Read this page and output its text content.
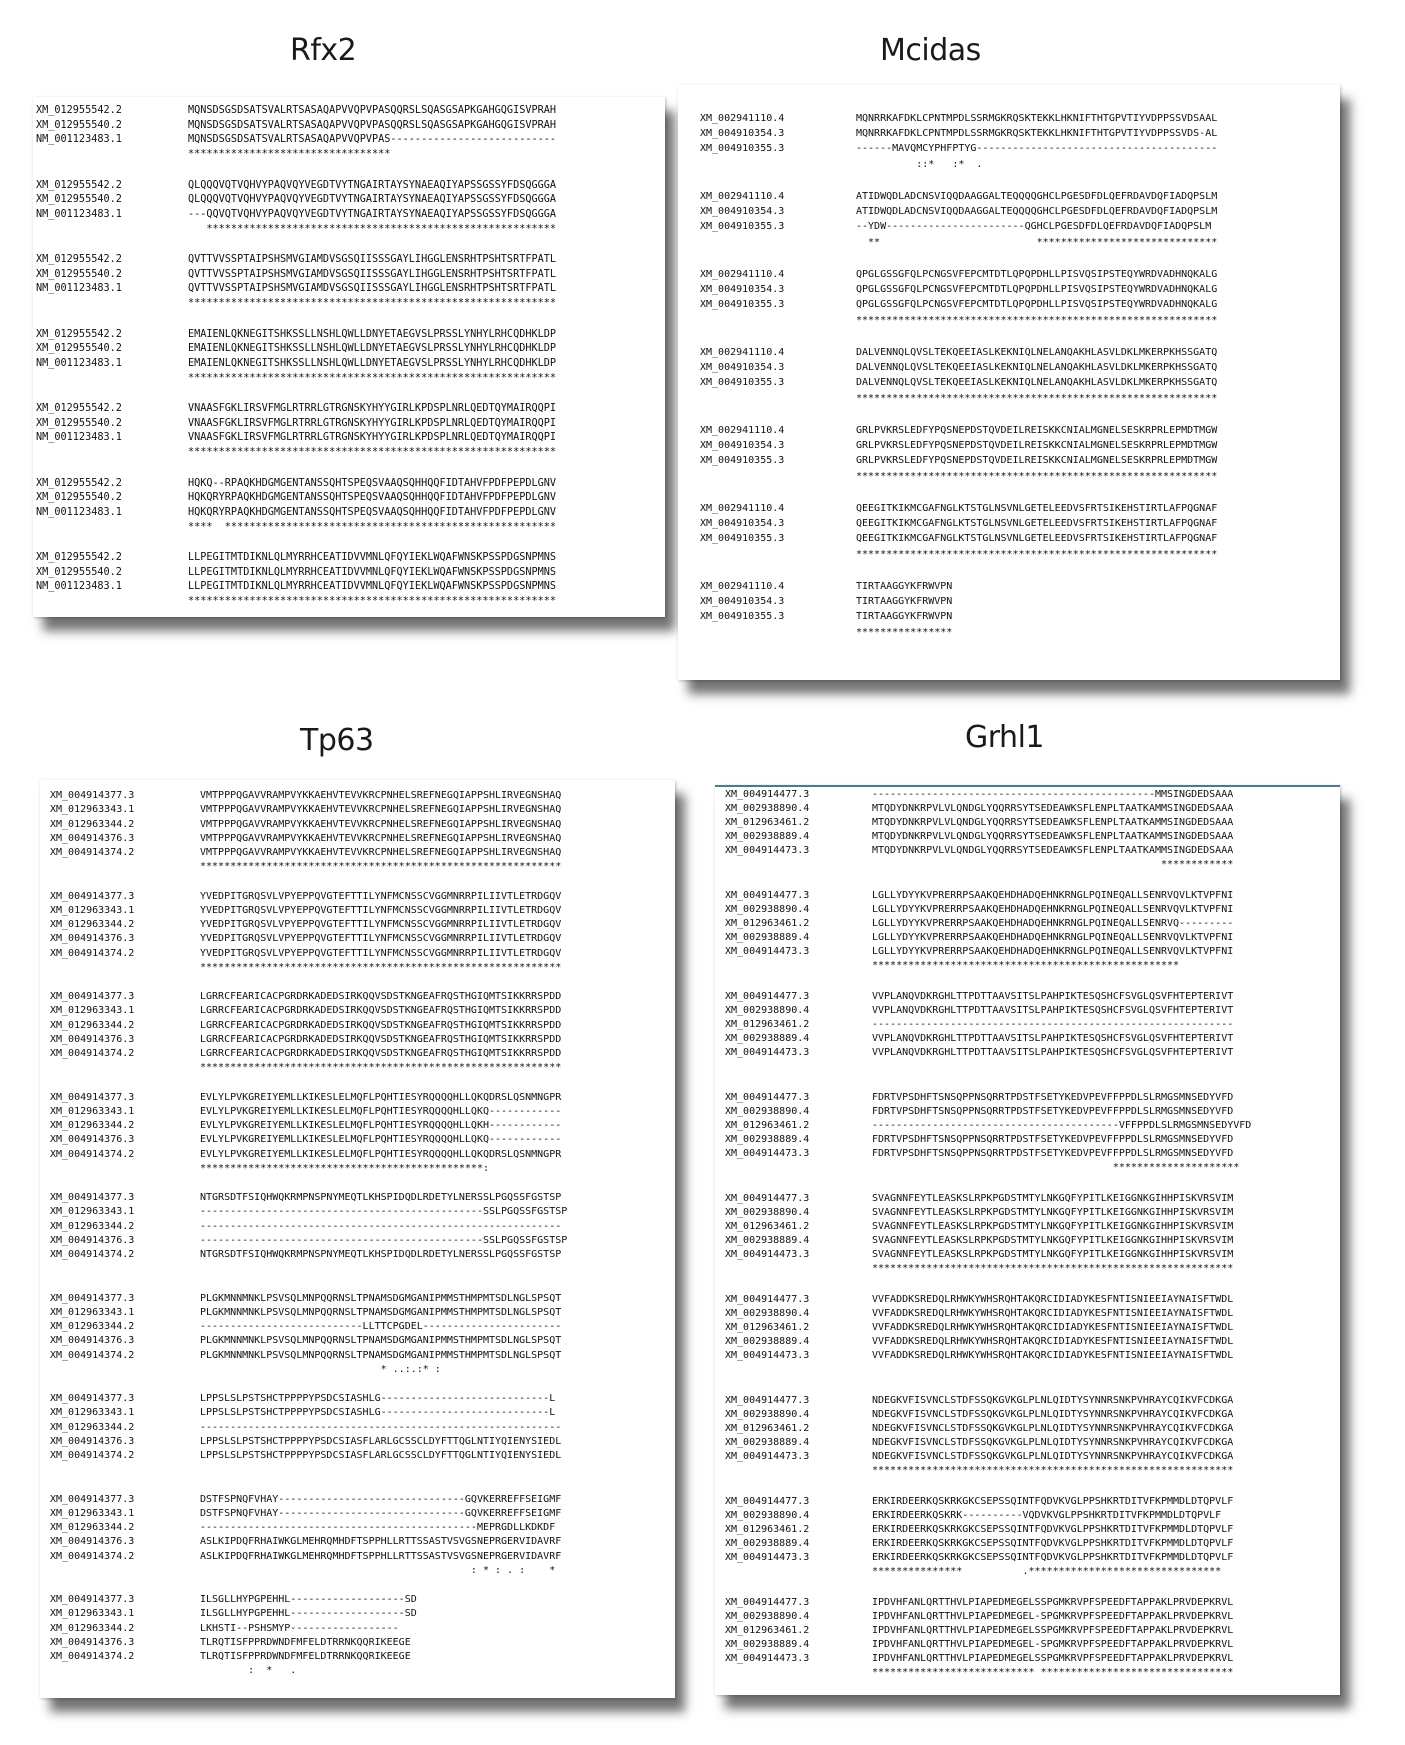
Rfx2	Mcidas
Tp63	Grhl1
XM_012955542.2	MQNSDSGSDSATSVALRTSASAQAPVVQPVPASQQRSLSQASGSAPKGAHGQGISVPRAH
XM_012955540.2	MQNSDSGSDSATSVALRTSASAQAPVVQPVPASQQRSLSQASGSAPKGAHGQGISVPRAH
NM_001123483.1	MQNSDSGSDSATSVALRTSASAQAPVVQPVPAS---------------------------
*********************************
XM_012955542.2	QLQQQVQTVQHVYPAQVQYVEGDTVYTNGAIRTAYSYNAEAQIYAPSSGSSYFDSQGGGA
XM_012955540.2	QLQQQVQTVQHVYPAQVQYVEGDTVYTNGAIRTAYSYNAEAQIYAPSSGSSYFDSQGGGA
NM_001123483.1	---QQVQTVQHVYPAQVQYVEGDTVYTNGAIRTAYSYNAEAQIYAPSSGSSYFDSQGGGA
*********************************************************
XM_012955542.2	QVTTVVSSPTAIPSHSMVGIAMDVSGSQIISSSGAYLIHGGLENSRHTPSHTSRTFPATL
XM_012955540.2	QVTTVVSSPTAIPSHSMVGIAMDVSGSQIISSSGAYLIHGGLENSRHTPSHTSRTFPATL
NM_001123483.1	QVTTVVSSPTAIPSHSMVGIAMDVSGSQIISSSGAYLIHGGLENSRHTPSHTSRTFPATL
************************************************************
XM_012955542.2	EMAIENLQKNEGITSHKSSLLNSHLQWLLDNYETAEGVSLPRSSLYNHYLRHCQDHKLDP
XM_012955540.2	EMAIENLQKNEGITSHKSSLLNSHLQWLLDNYETAEGVSLPRSSLYNHYLRHCQDHKLDP
NM_001123483.1	EMAIENLQKNEGITSHKSSLLNSHLQWLLDNYETAEGVSLPRSSLYNHYLRHCQDHKLDP
************************************************************
XM_012955542.2	VNAASFGKLIRSVFMGLRTRRLGTRGNSKYHYYGIRLKPDSPLNRLQEDTQYMAIRQQPI
XM_012955540.2	VNAASFGKLIRSVFMGLRTRRLGTRGNSKYHYYGIRLKPDSPLNRLQEDTQYMAIRQQPI
NM_001123483.1	VNAASFGKLIRSVFMGLRTRRLGTRGNSKYHYYGIRLKPDSPLNRLQEDTQYMAIRQQPI
************************************************************
XM_012955542.2	HQKQ--RPAQKHDGMGENTANSSQHTSPEQSVAAQSQHHQQFIDTAHVFPDFPEPDLGNV
XM_012955540.2	HQKQRYRPAQKHDGMGENTANSSQHTSPEQSVAAQSQHHQQFIDTAHVFPDFPEPDLGNV
NM_001123483.1	HQKQRYRPAQKHDGMGENTANSSQHTSPEQSVAAQSQHHQQFIDTAHVFPDFPEPDLGNV
****  ******************************************************
XM_012955542.2	LLPEGITMTDIKNLQLMYRRHCEATIDVVMNLQFQYIEKLWQAFWNSKPSSPDGSNPMNS
XM_012955540.2	LLPEGITMTDIKNLQLMYRRHCEATIDVVMNLQFQYIEKLWQAFWNSKPSSPDGSNPMNS
NM_001123483.1	LLPEGITMTDIKNLQLMYRRHCEATIDVVMNLQFQYIEKLWQAFWNSKPSSPDGSNPMNS
************************************************************
XM_002941110.4	MQNRRKAFDKLCPNTMPDLSSRMGKRQSKTEKKLHKNIFTHTGPVTIYVDPPSSVDSAAL
XM_004910354.3	MQNRRKAFDKLCPNTMPDLSSRMGKRQSKTEKKLHKNIFTHTGPVTIYVDPPSSVDS-AL
XM_004910355.3	------MAVQMCYPHFPTYG----------------------------------------
::*   :*  .
XM_002941110.4	ATIDWQDLADCNSVIQQDAAGGALTEQQQQGHCLPGESDFDLQEFRDAVDQFIADQPSLM
XM_004910354.3	ATIDWQDLADCNSVIQQDAAGGALTEQQQQGHCLPGESDFDLQEFRDAVDQFIADQPSLM
XM_004910355.3	--YDW-----------------------QGHCLPGESDFDLQEFRDAVDQFIADQPSLM
**                          ******************************
XM_002941110.4	QPGLGSSGFQLPCNGSVFEPCMTDTLQPQPDHLLPISVQSIPSTEQYWRDVADHNQKALG
XM_004910354.3	QPGLGSSGFQLPCNGSVFEPCMTDTLQPQPDHLLPISVQSIPSTEQYWRDVADHNQKALG
XM_004910355.3	QPGLGSSGFQLPCNGSVFEPCMTDTLQPQPDHLLPISVQSIPSTEQYWRDVADHNQKALG
************************************************************
XM_002941110.4	DALVENNQLQVSLTEKQEEIASLKEKNIQLNELANQAKHLASVLDKLMKERPKHSSGATQ
XM_004910354.3	DALVENNQLQVSLTEKQEEIASLKEKNIQLNELANQAKHLASVLDKLMKERPKHSSGATQ
XM_004910355.3	DALVENNQLQVSLTEKQEEIASLKEKNIQLNELANQAKHLASVLDKLMKERPKHSSGATQ
************************************************************
XM_002941110.4	GRLPVKRSLEDFYPQSNEPDSTQVDEILREISKKCNIALMGNELSESKRPRLEPMDTMGW
XM_004910354.3	GRLPVKRSLEDFYPQSNEPDSTQVDEILREISKKCNIALMGNELSESKRPRLEPMDTMGW
XM_004910355.3	GRLPVKRSLEDFYPQSNEPDSTQVDEILREISKKCNIALMGNELSESKRPRLEPMDTMGW
************************************************************
XM_002941110.4	QEEGITKIKMCGAFNGLKTSTGLNSVNLGETELEEDVSFRTSIKEHSTIRTLAFPQGNAF
XM_004910354.3	QEEGITKIKMCGAFNGLKTSTGLNSVNLGETELEEDVSFRTSIKEHSTIRTLAFPQGNAF
XM_004910355.3	QEEGITKIKMCGAFNGLKTSTGLNSVNLGETELEEDVSFRTSIKEHSTIRTLAFPQGNAF
************************************************************
XM_002941110.4	TIRTAAGGYKFRWVPN
XM_004910354.3	TIRTAAGGYKFRWVPN
XM_004910355.3	TIRTAAGGYKFRWVPN
****************
XM_004914377.3	VMTPPPQGAVVRAMPVYKKAEHVTEVVKRCPNHELSREFNEGQIAPPSHLIRVEGNSHAQ
XM_012963343.1	VMTPPPQGAVVRAMPVYKKAEHVTEVVKRCPNHELSREFNEGQIAPPSHLIRVEGNSHAQ
XM_012963344.2	VMTPPPQGAVVRAMPVYKKAEHVTEVVKRCPNHELSREFNEGQIAPPSHLIRVEGNSHAQ
XM_004914376.3	VMTPPPQGAVVRAMPVYKKAEHVTEVVKRCPNHELSREFNEGQIAPPSHLIRVEGNSHAQ
XM_004914374.2	VMTPPPQGAVVRAMPVYKKAEHVTEVVKRCPNHELSREFNEGQIAPPSHLIRVEGNSHAQ
************************************************************
XM_004914377.3	YVEDPITGRQSVLVPYEPPQVGTEFTTILYNFMCNSSCVGGMNRRPILIIVTLETRDGQV
XM_012963343.1	YVEDPITGRQSVLVPYEPPQVGTEFTTILYNFMCNSSCVGGMNRRPILIIVTLETRDGQV
XM_012963344.2	YVEDPITGRQSVLVPYEPPQVGTEFTTILYNFMCNSSCVGGMNRRPILIIVTLETRDGQV
XM_004914376.3	YVEDPITGRQSVLVPYEPPQVGTEFTTILYNFMCNSSCVGGMNRRPILIIVTLETRDGQV
XM_004914374.2	YVEDPITGRQSVLVPYEPPQVGTEFTTILYNFMCNSSCVGGMNRRPILIIVTLETRDGQV
************************************************************
XM_004914377.3	LGRRCFEARICACPGRDRKADEDSIRKQQVSDSTKNGEAFRQSTHGIQMTSIKKRRSPDD
XM_012963343.1	LGRRCFEARICACPGRDRKADEDSIRKQQVSDSTKNGEAFRQSTHGIQMTSIKKRRSPDD
XM_012963344.2	LGRRCFEARICACPGRDRKADEDSIRKQQVSDSTKNGEAFRQSTHGIQMTSIKKRRSPDD
XM_004914376.3	LGRRCFEARICACPGRDRKADEDSIRKQQVSDSTKNGEAFRQSTHGIQMTSIKKRRSPDD
XM_004914374.2	LGRRCFEARICACPGRDRKADEDSIRKQQVSDSTKNGEAFRQSTHGIQMTSIKKRRSPDD
************************************************************
XM_004914377.3	EVLYLPVKGREIYEMLLKIKESLELMQFLPQHTIESYRQQQQHLLQKQDRSLQSNMNGPR
XM_012963343.1	EVLYLPVKGREIYEMLLKIKESLELMQFLPQHTIESYRQQQQHLLQKQ------------
XM_012963344.2	EVLYLPVKGREIYEMLLKIKESLELMQFLPQHTIESYRQQQQHLLQKH------------
XM_004914376.3	EVLYLPVKGREIYEMLLKIKESLELMQFLPQHTIESYRQQQQHLLQKQ------------
XM_004914374.2	EVLYLPVKGREIYEMLLKIKESLELMQFLPQHTIESYRQQQQHLLQKQDRSLQSNMNGPR
***********************************************:
XM_004914377.3	NTGRSDTFSIQHWQKRMPNSPNYMEQTLKHSPIDQDLRDETYLNERSSLPGQSSFGSTSP
XM_012963343.1	-----------------------------------------------SSLPGQSSFGSTSP
XM_012963344.2	------------------------------------------------------------
XM_004914376.3	-----------------------------------------------SSLPGQSSFGSTSP
XM_004914374.2	NTGRSDTFSIQHWQKRMPNSPNYMEQTLKHSPIDQDLRDETYLNERSSLPGQSSFGSTSP
XM_004914377.3	PLGKMNNMNKLPSVSQLMNPQQRNSLTPNAMSDGMGANIPMMSTHMPMTSDLNGLSPSQT
XM_012963343.1	PLGKMNNMNKLPSVSQLMNPQQRNSLTPNAMSDGMGANIPMMSTHMPMTSDLNGLSPSQT
XM_012963344.2	---------------------------LLTTCPGDEL-----------------------
XM_004914376.3	PLGKMNNMNKLPSVSQLMNPQQRNSLTPNAMSDGMGANIPMMSTHMPMTSDLNGLSPSQT
XM_004914374.2	PLGKMNNMNKLPSVSQLMNPQQRNSLTPNAMSDGMGANIPMMSTHMPMTSDLNGLSPSQT
* ..:.:* :
XM_004914377.3	LPPSLSLPSTSHCTPPPPYPSDCSIASHLG----------------------------L
XM_012963343.1	LPPSLSLPSTSHCTPPPPYPSDCSIASHLG----------------------------L
XM_012963344.2	------------------------------------------------------------
XM_004914376.3	LPPSLSLPSTSHCTPPPPYPSDCSIASFLARLGCSSCLDYFTTQGLNTIYQIENYSIEDL
XM_004914374.2	LPPSLSLPSTSHCTPPPPYPSDCSIASFLARLGCSSCLDYFTTQGLNTIYQIENYSIEDL
XM_004914377.3	DSTFSPNQFVHAY-------------------------------GQVKERREFFSEIGMF
XM_012963343.1	DSTFSPNQFVHAY-------------------------------GQVKERREFFSEIGMF
XM_012963344.2	----------------------------------------------MEPRGDLLKDKDF
XM_004914376.3	ASLKIPDQFRHAIWKGLMEHRQMHDFTSPPHLLRTTSSASTVSVGSNEPRGERVIDAVRF
XM_004914374.2	ASLKIPDQFRHAIWKGLMEHRQMHDFTSPPHLLRTTSSASTVSVGSNEPRGERVIDAVRF
: * : . :    *
XM_004914377.3	ILSGLLHYPGPEHHL-------------------SD
XM_012963343.1	ILSGLLHYPGPEHHL-------------------SD
XM_012963344.2	LKHSTI--PSHSMYP------------------
XM_004914376.3	TLRQTISFPPRDWNDFMFELDTRRNKQQRIKEEGE
XM_004914374.2	TLRQTISFPPRDWNDFMFELDTRRNKQQRIKEEGE
:  *   .
XM_004914477.3	-----------------------------------------------MMSINGDEDSAAA
XM_002938890.4	MTQDYDNKRPVLVLQNDGLYQQRRSYTSEDEAWKSFLENPLTAATKAMMSINGDEDSAAA
XM_012963461.2	MTQDYDNKRPVLVLQNDGLYQQRRSYTSEDEAWKSFLENPLTAATKAMMSINGDEDSAAA
XM_002938889.4	MTQDYDNKRPVLVLQNDGLYQQRRSYTSEDEAWKSFLENPLTAATKAMMSINGDEDSAAA
XM_004914473.3	MTQDYDNKRPVLVLQNDGLYQQRRSYTSEDEAWKSFLENPLTAATKAMMSINGDEDSAAA
************
XM_004914477.3	LGLLYDYYKVPRERRPSAAKQEHDHADQEHNKRNGLPQINEQALLSENRVQVLKTVPFNI
XM_002938890.4	LGLLYDYYKVPRERRPSAAKQEHDHADQEHNKRNGLPQINEQALLSENRVQVLKTVPFNI
XM_012963461.2	LGLLYDYYKVPRERRPSAAKQEHDHADQEHNKRNGLPQINEQALLSENRVQ---------
XM_002938889.4	LGLLYDYYKVPRERRPSAAKQEHDHADQEHNKRNGLPQINEQALLSENRVQVLKTVPFNI
XM_004914473.3	LGLLYDYYKVPRERRPSAAKQEHDHADQEHNKRNGLPQINEQALLSENRVQVLKTVPFNI
***************************************************
XM_004914477.3	VVPLANQVDKRGHLTTPDTTAAVSITSLPAHPIKTESQSHCFSVGLQSVFHTEPTERIVT
XM_002938890.4	VVPLANQVDKRGHLTTPDTTAAVSITSLPAHPIKTESQSHCFSVGLQSVFHTEPTERIVT
XM_012963461.2	------------------------------------------------------------
XM_002938889.4	VVPLANQVDKRGHLTTPDTTAAVSITSLPAHPIKTESQSHCFSVGLQSVFHTEPTERIVT
XM_004914473.3	VVPLANQVDKRGHLTTPDTTAAVSITSLPAHPIKTESQSHCFSVGLQSVFHTEPTERIVT
XM_004914477.3	FDRTVPSDHFTSNSQPPNSQRRTPDSTFSETYKEDVPEVFFPPDLSLRMGSMNSEDYVFD
XM_002938890.4	FDRTVPSDHFTSNSQPPNSQRRTPDSTFSETYKEDVPEVFFPPDLSLRMGSMNSEDYVFD
XM_012963461.2	-----------------------------------------VFFPPDLSLRMGSMNSEDYVFD
XM_002938889.4	FDRTVPSDHFTSNSQPPNSQRRTPDSTFSETYKEDVPEVFFPPDLSLRMGSMNSEDYVFD
XM_004914473.3	FDRTVPSDHFTSNSQPPNSQRRTPDSTFSETYKEDVPEVFFPPDLSLRMGSMNSEDYVFD
*********************
XM_004914477.3	SVAGNNFEYTLEASKSLRPKPGDSTMTYLNKGQFYPITLKEIGGNKGIHHPISKVRSVIM
XM_002938890.4	SVAGNNFEYTLEASKSLRPKPGDSTMTYLNKGQFYPITLKEIGGNKGIHHPISKVRSVIM
XM_012963461.2	SVAGNNFEYTLEASKSLRPKPGDSTMTYLNKGQFYPITLKEIGGNKGIHHPISKVRSVIM
XM_002938889.4	SVAGNNFEYTLEASKSLRPKPGDSTMTYLNKGQFYPITLKEIGGNKGIHHPISKVRSVIM
XM_004914473.3	SVAGNNFEYTLEASKSLRPKPGDSTMTYLNKGQFYPITLKEIGGNKGIHHPISKVRSVIM
************************************************************
XM_004914477.3	VVFADDKSREDQLRHWKYWHSRQHTAKQRCIDIADYKESFNTISNIEEIAYNAISFTWDL
XM_002938890.4	VVFADDKSREDQLRHWKYWHSRQHTAKQRCIDIADYKESFNTISNIEEIAYNAISFTWDL
XM_012963461.2	VVFADDKSREDQLRHWKYWHSRQHTAKQRCIDIADYKESFNTISNIEEIAYNAISFTWDL
XM_002938889.4	VVFADDKSREDQLRHWKYWHSRQHTAKQRCIDIADYKESFNTISNIEEIAYNAISFTWDL
XM_004914473.3	VVFADDKSREDQLRHWKYWHSRQHTAKQRCIDIADYKESFNTISNIEEIAYNAISFTWDL
XM_004914477.3	NDEGKVFISVNCLSTDFSSQKGVKGLPLNLQIDTYSYNNRSNKPVHRAYCQIKVFCDKGA
XM_002938890.4	NDEGKVFISVNCLSTDFSSQKGVKGLPLNLQIDTYSYNNRSNKPVHRAYCQIKVFCDKGA
XM_012963461.2	NDEGKVFISVNCLSTDFSSQKGVKGLPLNLQIDTYSYNNRSNKPVHRAYCQIKVFCDKGA
XM_002938889.4	NDEGKVFISVNCLSTDFSSQKGVKGLPLNLQIDTYSYNNRSNKPVHRAYCQIKVFCDKGA
XM_004914473.3	NDEGKVFISVNCLSTDFSSQKGVKGLPLNLQIDTYSYNNRSNKPVHRAYCQIKVFCDKGA
************************************************************
XM_004914477.3	ERKIRDEERKQSKRKGKCSEPSSQINTFQDVKVGLPPSHKRTDITVFKPMMDLDTQPVLF
XM_002938890.4	ERKIRDEERKQSKRK----------VQDVKVGLPPSHKRTDITVFKPMMDLDTQPVLF
XM_012963461.2	ERKIRDEERKQSKRKGKCSEPSSQINTFQDVKVGLPPSHKRTDITVFKPMMDLDTQPVLF
XM_002938889.4	ERKIRDEERKQSKRKGKCSEPSSQINTFQDVKVGLPPSHKRTDITVFKPMMDLDTQPVLF
XM_004914473.3	ERKIRDEERKQSKRKGKCSEPSSQINTFQDVKVGLPPSHKRTDITVFKPMMDLDTQPVLF
***************          .********************************
XM_004914477.3	IPDVHFANLQRTTHVLPIAPEDMEGELSSPGMKRVPFSPEEDFTAPPAKLPRVDEPKRVL
XM_002938890.4	IPDVHFANLQRTTHVLPIAPEDMEGEL-SPGMKRVPFSPEEDFTAPPAKLPRVDEPKRVL
XM_012963461.2	IPDVHFANLQRTTHVLPIAPEDMEGELSSPGMKRVPFSPEEDFTAPPAKLPRVDEPKRVL
XM_002938889.4	IPDVHFANLQRTTHVLPIAPEDMEGEL-SPGMKRVPFSPEEDFTAPPAKLPRVDEPKRVL
XM_004914473.3	IPDVHFANLQRTTHVLPIAPEDMEGELSSPGMKRVPFSPEEDFTAPPAKLPRVDEPKRVL
*************************** ********************************
